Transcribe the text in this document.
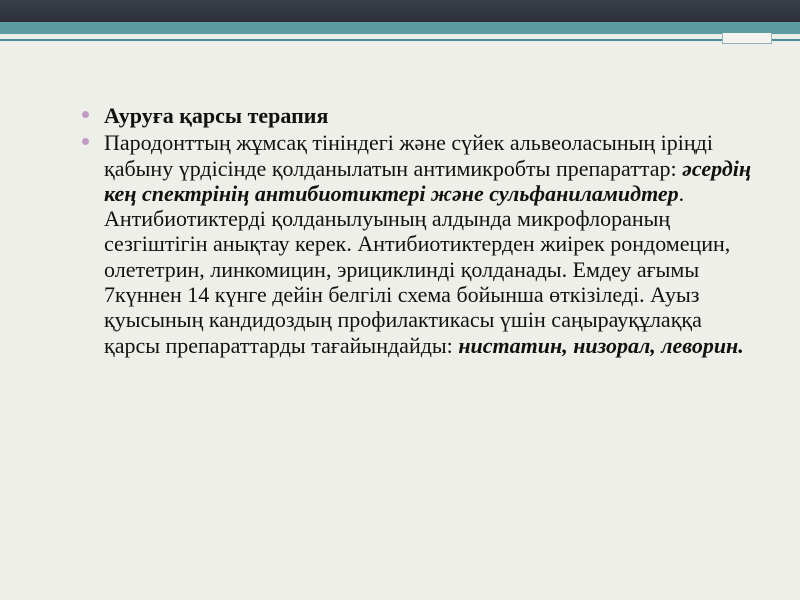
Ауруға қарсы терапия
Пародонттың жұмсақ тініндегі және сүйек альвеоласының іріңді қабыну үрдісінде қолданылатын антимикробты препараттар: әсердің кең спектрінің антибиотиктері және сульфаниламидтер. Антибиотиктерді қолданылуының алдында микрофлораның сезгіштігін анықтау керек. Антибиотиктерден жиірек рондомецин, олететрин, линкомицин, эрициклинді қолданады. Емдеу ағымы 7күннен 14 күнге дейін белгілі схема бойынша өткізіледі. Ауыз қуысының кандидоздың профилактикасы үшін саңырауқұлаққа қарсы препараттарды тағайындайды: нистатин, низорал, леворин.
